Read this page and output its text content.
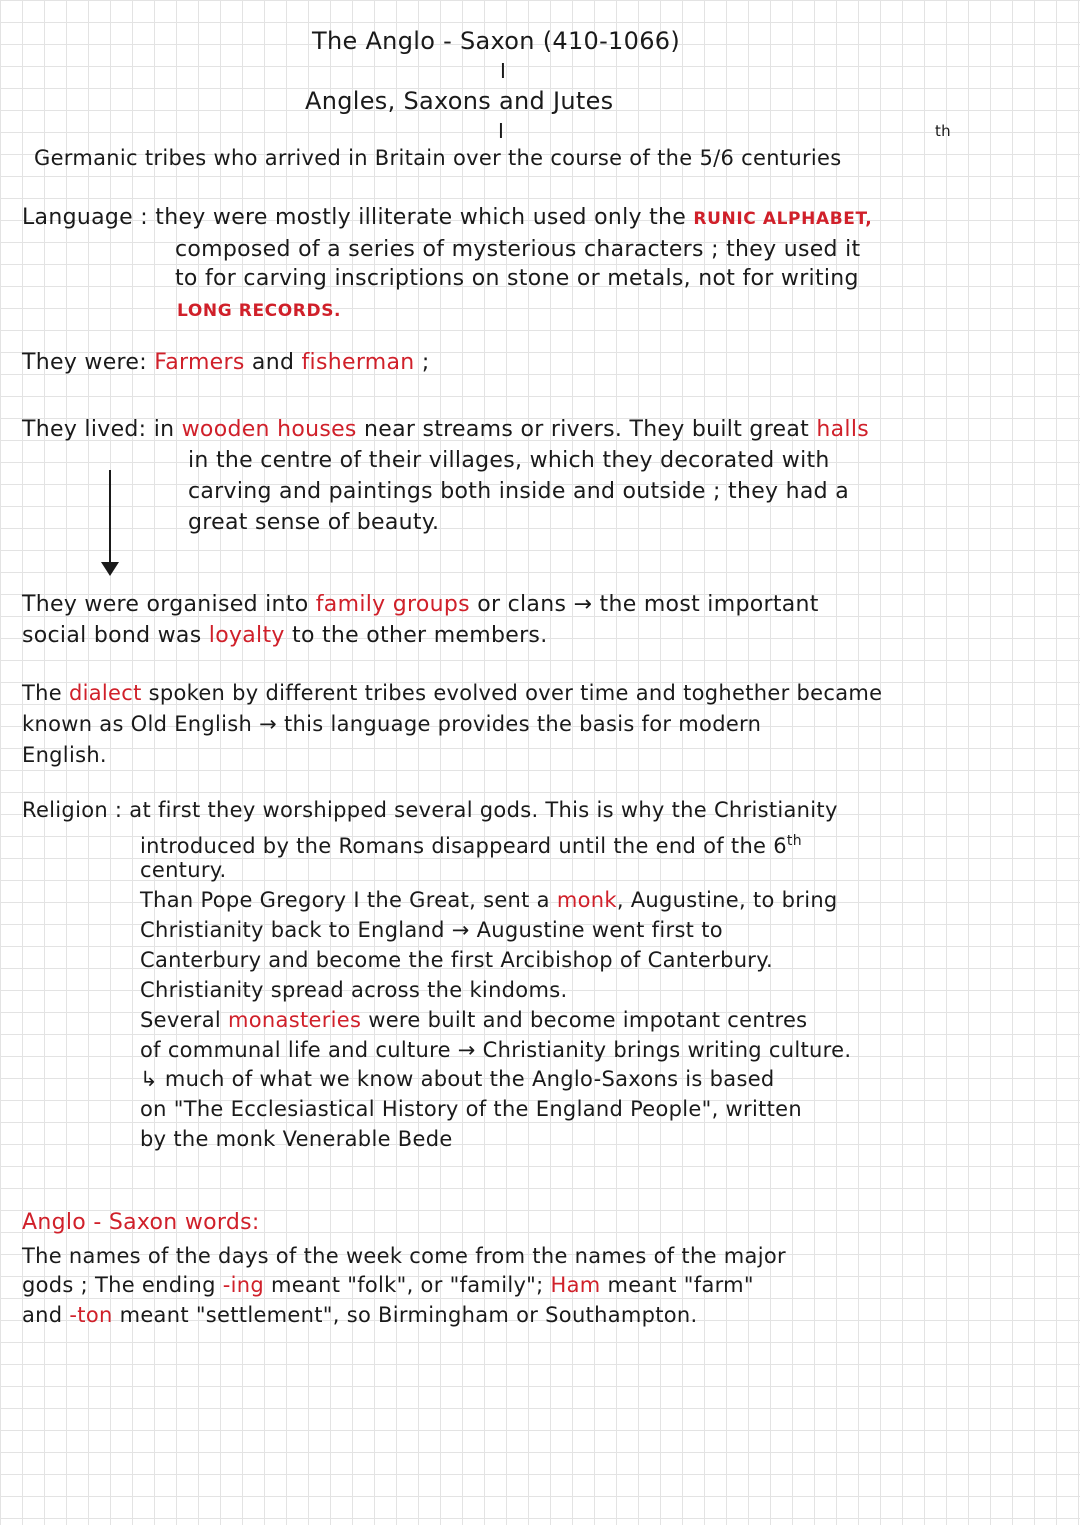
The Anglo - Saxon (410-1066)
I
Angles, Saxons and Jutes
I	th
Germanic tribes who arrived in Britain over the course of the 5/6 centuries
Language : they were mostly illiterate which used only the RUNIC ALPHABET,
composed of a series of mysterious characters ; they used it
to for carving inscriptions on stone or metals, not for writing
LONG RECORDS.
They were: Farmers and fisherman ;
They lived: in wooden houses near streams or rivers. They built great halls
in the centre of their villages, which they decorated with
carving and paintings both inside and outside ; they had a
great sense of beauty.
They were organised into family groups or clans → the most important
social bond was loyalty to the other members.
The dialect spoken by different tribes evolved over time and toghether became
known as Old English → this language provides the basis for modern
English.
Religion : at first they worshipped several gods. This is why the Christianity
introduced by the Romans disappeard until the end of the 6th
century.
Than Pope Gregory I the Great, sent a monk, Augustine, to bring
Christianity back to England → Augustine went first to
Canterbury and become the first Arcibishop of Canterbury.
Christianity spread across the kindoms.
Several monasteries were built and become impotant centres
of communal life and culture → Christianity brings writing culture.
↳ much of what we know about the Anglo-Saxons is based
on "The Ecclesiastical History of the England People", written
by the monk Venerable Bede
Anglo - Saxon words:
The names of the days of the week come from the names of the major
gods ; The ending -ing meant "folk", or "family"; Ham meant "farm"
and -ton meant "settlement", so Birmingham or Southampton.
